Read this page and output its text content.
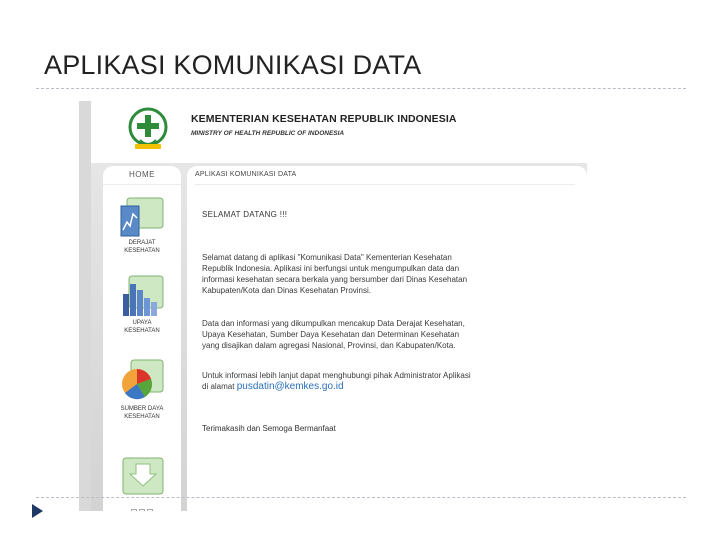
APLIKASI KOMUNIKASI DATA
KEMENTERIAN KESEHATAN REPUBLIK INDONESIA
MINISTRY OF HEALTH REPUBLIC OF INDONESIA
HOME
DERAJAT
KESEHATAN
UPAYA
KESEHATAN
SUMBER DAYA
KESEHATAN
APLIKASI KOMUNIKASI DATA
SELAMAT DATANG !!!
Selamat datang di aplikasi "Komunikasi Data" Kementerian Kesehatan
Republik Indonesia. Aplikasi ini berfungsi untuk mengumpulkan data dan
informasi kesehatan secara berkala yang bersumber dari Dinas Kesehatan
Kabupaten/Kota dan Dinas Kesehatan Provinsi.
Data dan informasi yang dikumpulkan mencakup Data Derajat Kesehatan,
Upaya Kesehatan, Sumber Daya Kesehatan dan Determinan Kesehatan
yang disajikan dalam agregasi Nasional, Provinsi, dan Kabupaten/Kota.
Untuk informasi lebih lanjut dapat menghubungi pihak Administrator Aplikasi
di alamat pusdatin@kemkes.go.id
Terimakasih dan Semoga Bermanfaat
